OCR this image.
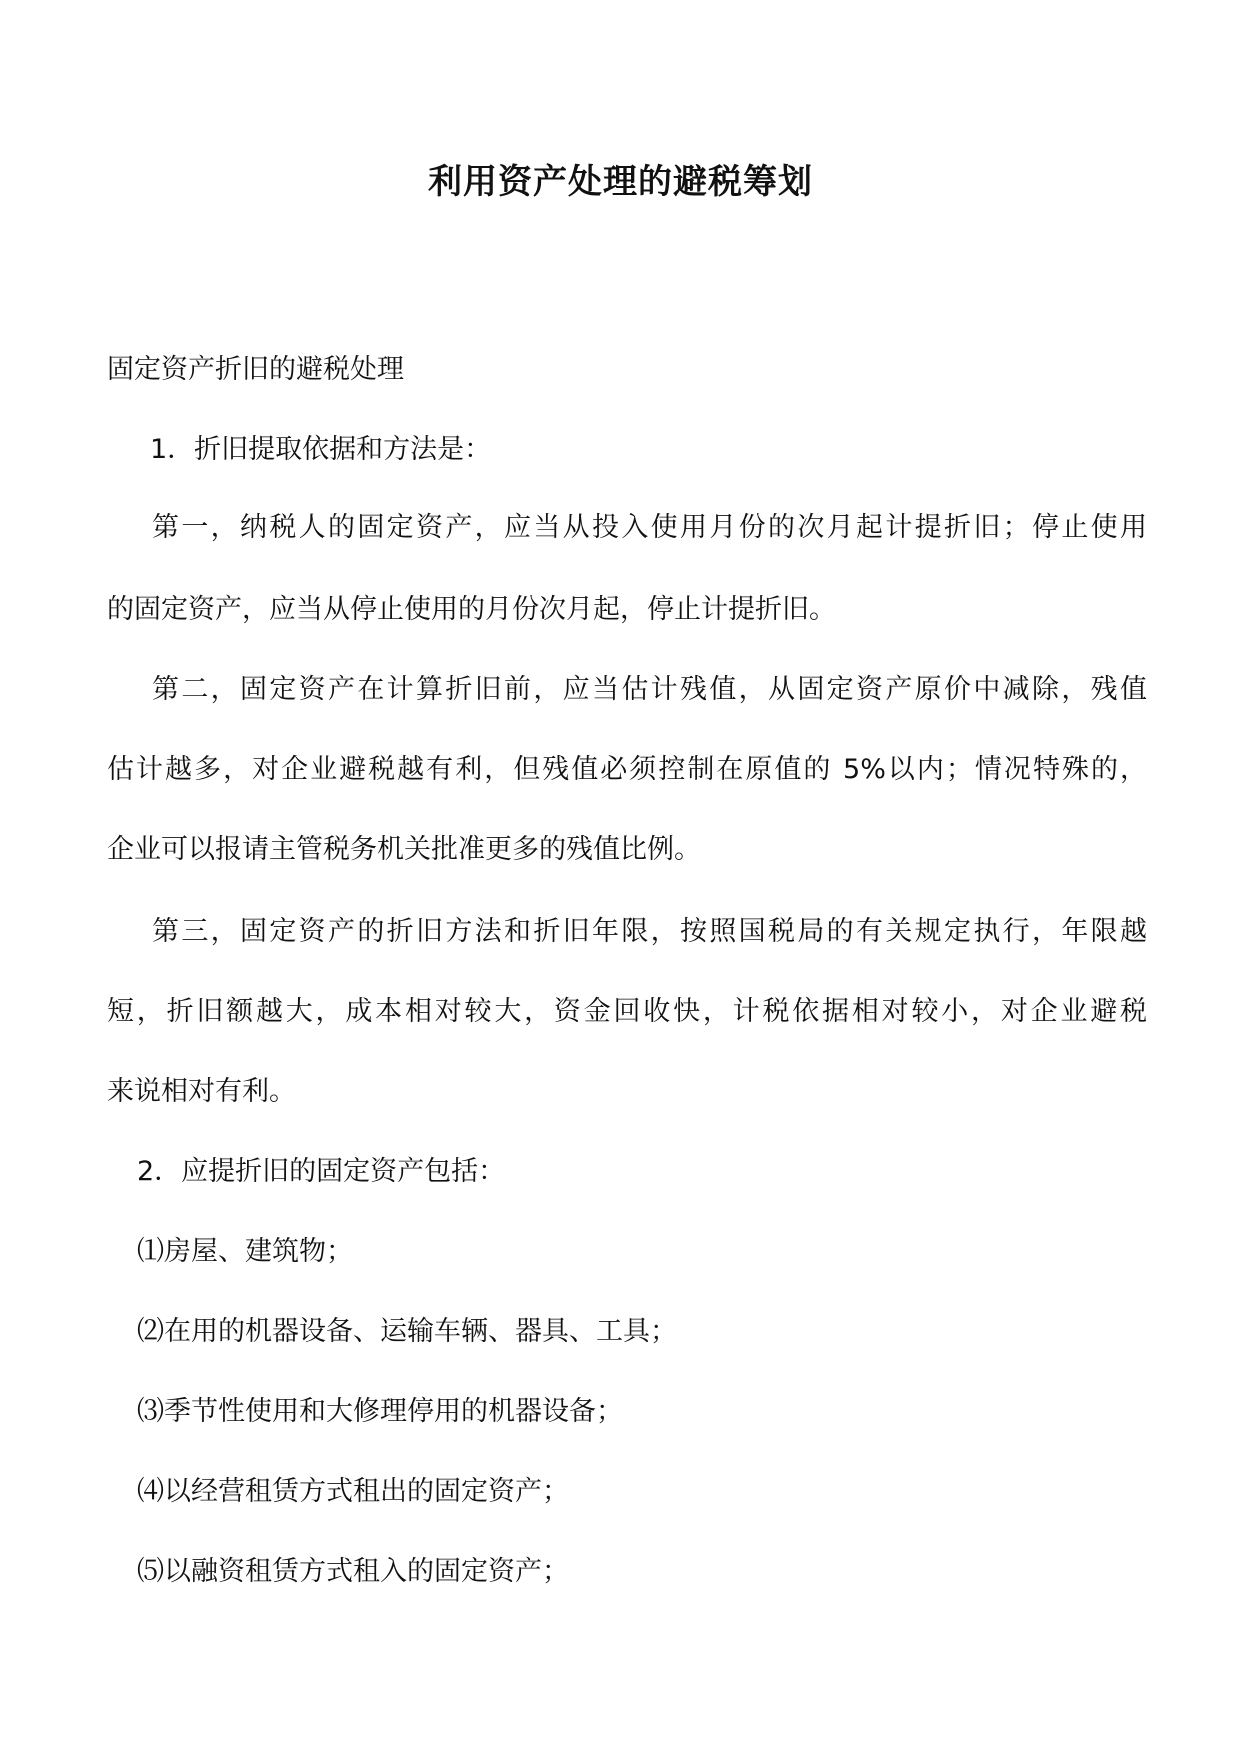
利用资产处理的避税筹划

固定资产折旧的避税处理

1．折旧提取依据和方法是：

第一，纳税人的固定资产，应当从投入使用月份的次月起计提折旧；停止使用

的固定资产，应当从停止使用的月份次月起，停止计提折旧。

第二，固定资产在计算折旧前，应当估计残值，从固定资产原价中减除，残值

估计越多，对企业避税越有利，但残值必须控制在原值的 5%以内；情况特殊的，

企业可以报请主管税务机关批准更多的残值比例。

第三，固定资产的折旧方法和折旧年限，按照国税局的有关规定执行，年限越

短，折旧额越大，成本相对较大，资金回收快，计税依据相对较小，对企业避税

来说相对有利。

2．应提折旧的固定资产包括：

⑴房屋、建筑物；

⑵在用的机器设备、运输车辆、器具、工具；

⑶季节性使用和大修理停用的机器设备；

⑷以经营租赁方式租出的固定资产；

⑸以融资租赁方式租入的固定资产；
